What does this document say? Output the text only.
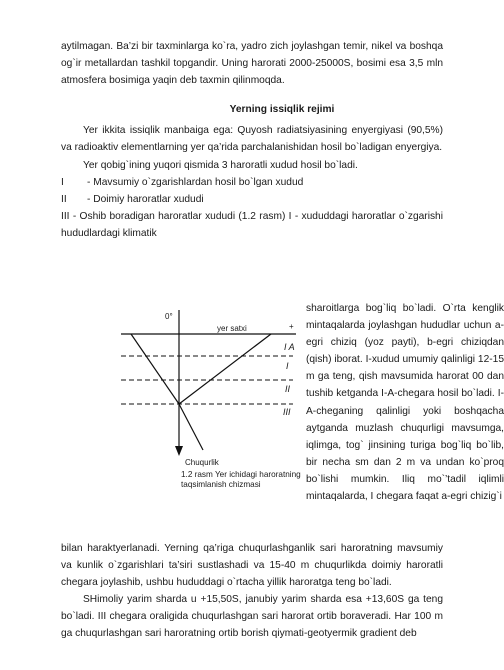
aytilmagan. Ba’zi bir taxminlarga ko`ra, yadro zich joylashgan temir, nikel va boshqa og`ir metallardan tashkil topgandir. Uning harorati 2000-25000S, bosimi esa 3,5 mln atmosfera bosimiga yaqin deb taxmin qilinmoqda.

Yerning issiqlik rejimi

Yer ikkita issiqlik manbaiga ega: Quyosh radiatsiyasining enyergiyasi (90,5%) va radioaktiv elementlarning yer qa’rida parchalanishidan hosil bo`ladigan enyergiya.

Yer qobig`ining yuqori qismida 3 haroratli xudud hosil bo`ladi.

I	- Mavsumiy o`zgarishlardan hosil bo`lgan xudud
II	- Doimiy haroratlar xududi

III - Oshib boradigan haroratlar xududi (1.2 rasm) I - xududdagi haroratlar o`zgarishi hududlardagi klimatik

0°
yer satxi	+
I A
I
II
III
Chuqurlik
1.2 rasm Yer ichidagi haroratning taqsimlanish chizmasi
sharoitlarga bog`liq bo`ladi. O`rta kenglik mintaqalarda joylashgan hududlar uchun a-egri chiziq (yoz payti), b-egri chiziqdan (qish) iborat. I-xudud umumiy qalinligi 12-15 m ga teng, qish mavsumida harorat 00 dan tushib ketganda I-A-chegara hosil bo`ladi. I-A-cheganing qalinligi yoki boshqacha aytganda muzlash chuqurligi mavsumga, iqlimga, tog` jinsining turiga bog`liq bo`lib, bir necha sm dan 2 m va undan ko`proq bo`lishi mumkin. Iliq mo`’tadil iqlimli mintaqalarda, I chegara faqat a-egri chizig`i

bilan haraktyerlanadi. Yerning qa’riga chuqurlashganlik sari haroratning mavsumiy va kunlik o`zgarishlari ta’siri sustlashadi va 15-40 m chuqurlikda doimiy haroratli chegara joylashib, ushbu hududdagi o`rtacha yillik haroratga teng bo`ladi.

SHimoliy yarim sharda u +15,50S, janubiy yarim sharda esa +13,60S ga teng bo`ladi. III chegara oraligida chuqurlashgan sari harorat ortib boraveradi. Har 100 m ga chuqurlashgan sari haroratning ortib borish qiymati-geotyermik gradient deb
